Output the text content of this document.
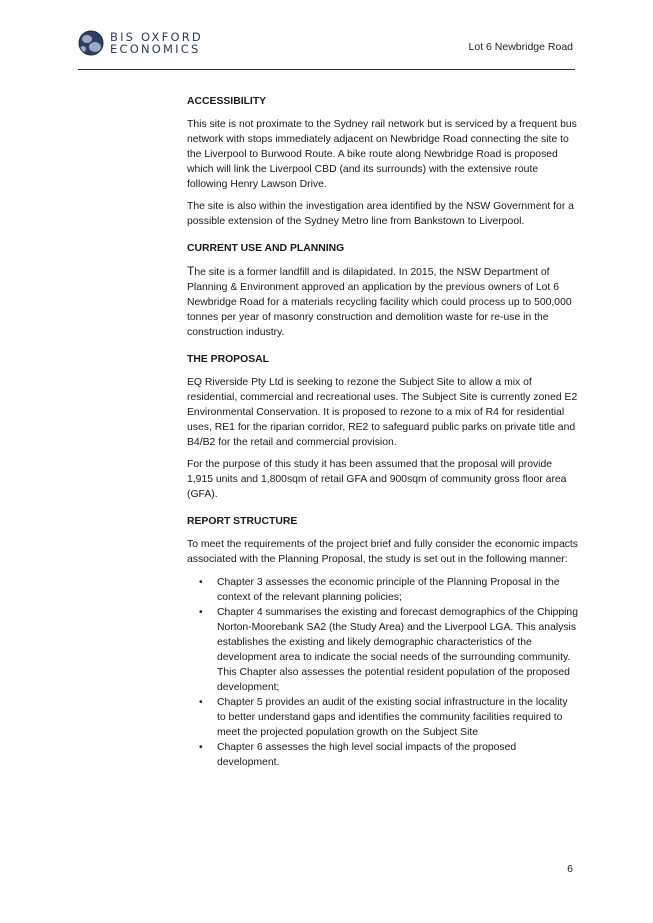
BIS OXFORD
ECONOMICS	Lot 6 Newbridge Road
ACCESSIBILITY

This site is not proximate to the Sydney rail network but is serviced by a frequent bus network with stops immediately adjacent on Newbridge Road connecting the site to the Liverpool to Burwood Route. A bike route along Newbridge Road is proposed which will link the Liverpool CBD (and its surrounds) with the extensive route following Henry Lawson Drive.

The site is also within the investigation area identified by the NSW Government for a possible extension of the Sydney Metro line from Bankstown to Liverpool.

CURRENT USE AND PLANNING

The site is a former landfill and is dilapidated. In 2015, the NSW Department of Planning & Environment approved an application by the previous owners of Lot 6 Newbridge Road for a materials recycling facility which could process up to 500,000 tonnes per year of masonry construction and demolition waste for re-use in the construction industry.

THE PROPOSAL

EQ Riverside Pty Ltd is seeking to rezone the Subject Site to allow a mix of residential, commercial and recreational uses. The Subject Site is currently zoned E2 Environmental Conservation. It is proposed to rezone to a mix of R4 for residential uses, RE1 for the riparian corridor, RE2 to safeguard public parks on private title and B4/B2 for the retail and commercial provision.

For the purpose of this study it has been assumed that the proposal will provide 1,915 units and 1,800sqm of retail GFA and 900sqm of community gross floor area (GFA).

REPORT STRUCTURE

To meet the requirements of the project brief and fully consider the economic impacts associated with the Planning Proposal, the study is set out in the following manner:

• Chapter 3 assesses the economic principle of the Planning Proposal in the context of the relevant planning policies;
• Chapter 4 summarises the existing and forecast demographics of the Chipping Norton-Moorebank SA2 (the Study Area) and the Liverpool LGA. This analysis establishes the existing and likely demographic characteristics of the development area to indicate the social needs of the surrounding community. This Chapter also assesses the potential resident population of the proposed development;
• Chapter 5 provides an audit of the existing social infrastructure in the locality to better understand gaps and identifies the community facilities required to meet the projected population growth on the Subject Site
• Chapter 6 assesses the high level social impacts of the proposed development.
6
